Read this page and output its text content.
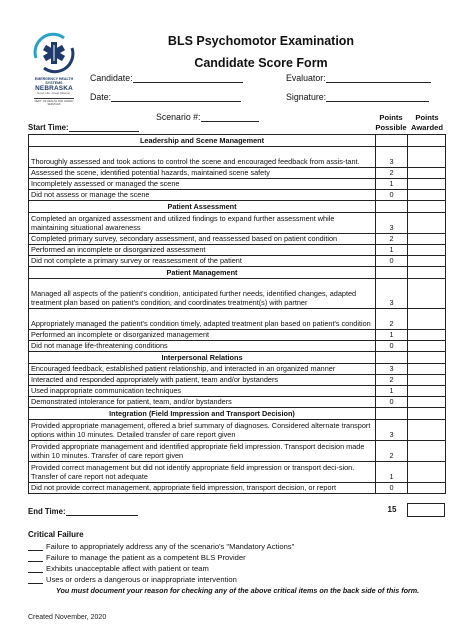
EMERGENCY HEALTH SYSTEMS
NEBRASKA
Good Life. Great Mission.
DEPT. OF HEALTH AND HUMAN SERVICES
BLS Psychomotor Examination
Candidate Score Form
Candidate:	Evaluator:
Date:	Signature:
Scenario #:	Points
Possible
Points
Awarded
Start Time:
Leadership and Scene Management		
Thoroughly assessed and took actions to control the scene and encouraged feedback from assis-tant.	3	
Assessed the scene, identified potential hazards, maintained scene safety	2	
Incompletely assessed or managed the scene	1	
Did not assess or manage the scene	0	
Patient Assessment		
Completed an organized assessment and utilized findings to expand further assessment while maintaining situational awareness	3	
Completed primary survey, secondary assessment, and reassessed based on patient condition	2	
Performed an incomplete or disorganized assessment	1	
Did not complete a primary survey or reassessment of the patient	0	
Patient Management		
Managed all aspects of the patient's condition, anticipated further needs, identified changes, adapted treatment plan based on patient's condition, and coordinates treatment(s) with partner	3	
Appropriately managed the patient's condition timely, adapted treatment plan based on patient's condition	2	
Performed an incomplete or disorganized management	1	
Did not manage life-threatening conditions	0	
Interpersonal Relations		
Encouraged feedback, established patient relationship, and interacted in an organized manner	3	
Interacted and responded appropriately with patient, team and/or bystanders	2	
Used inappropriate communication techniques	1	
Demonstrated intolerance for patient, team, and/or bystanders	0	
Integration (Field Impression and Transport Decision)		
Provided appropriate management, offered a brief summary of diagnoses. Considered alternate transport options within 10 minutes. Detailed transfer of care report given	3	
Provided appropriate management and identified appropriate field impression. Transport decision made within 10 minutes. Transfer of care report given	2	
Provided correct management but did not identify appropriate field impression or transport deci-sion. Transfer of care report not adequate	1	
Did not provide correct management, appropriate field impression, transport decision, or report	0	
End Time:	15
Critical Failure
Failure to appropriately address any of the scenario's "Mandatory Actions"
Failure to manage the patient as a competent BLS Provider
Exhibits unacceptable affect with patient or team
Uses or orders a dangerous or inappropriate intervention
You must document your reason for checking any of the above critical items on the back side of this form.
Created November, 2020
